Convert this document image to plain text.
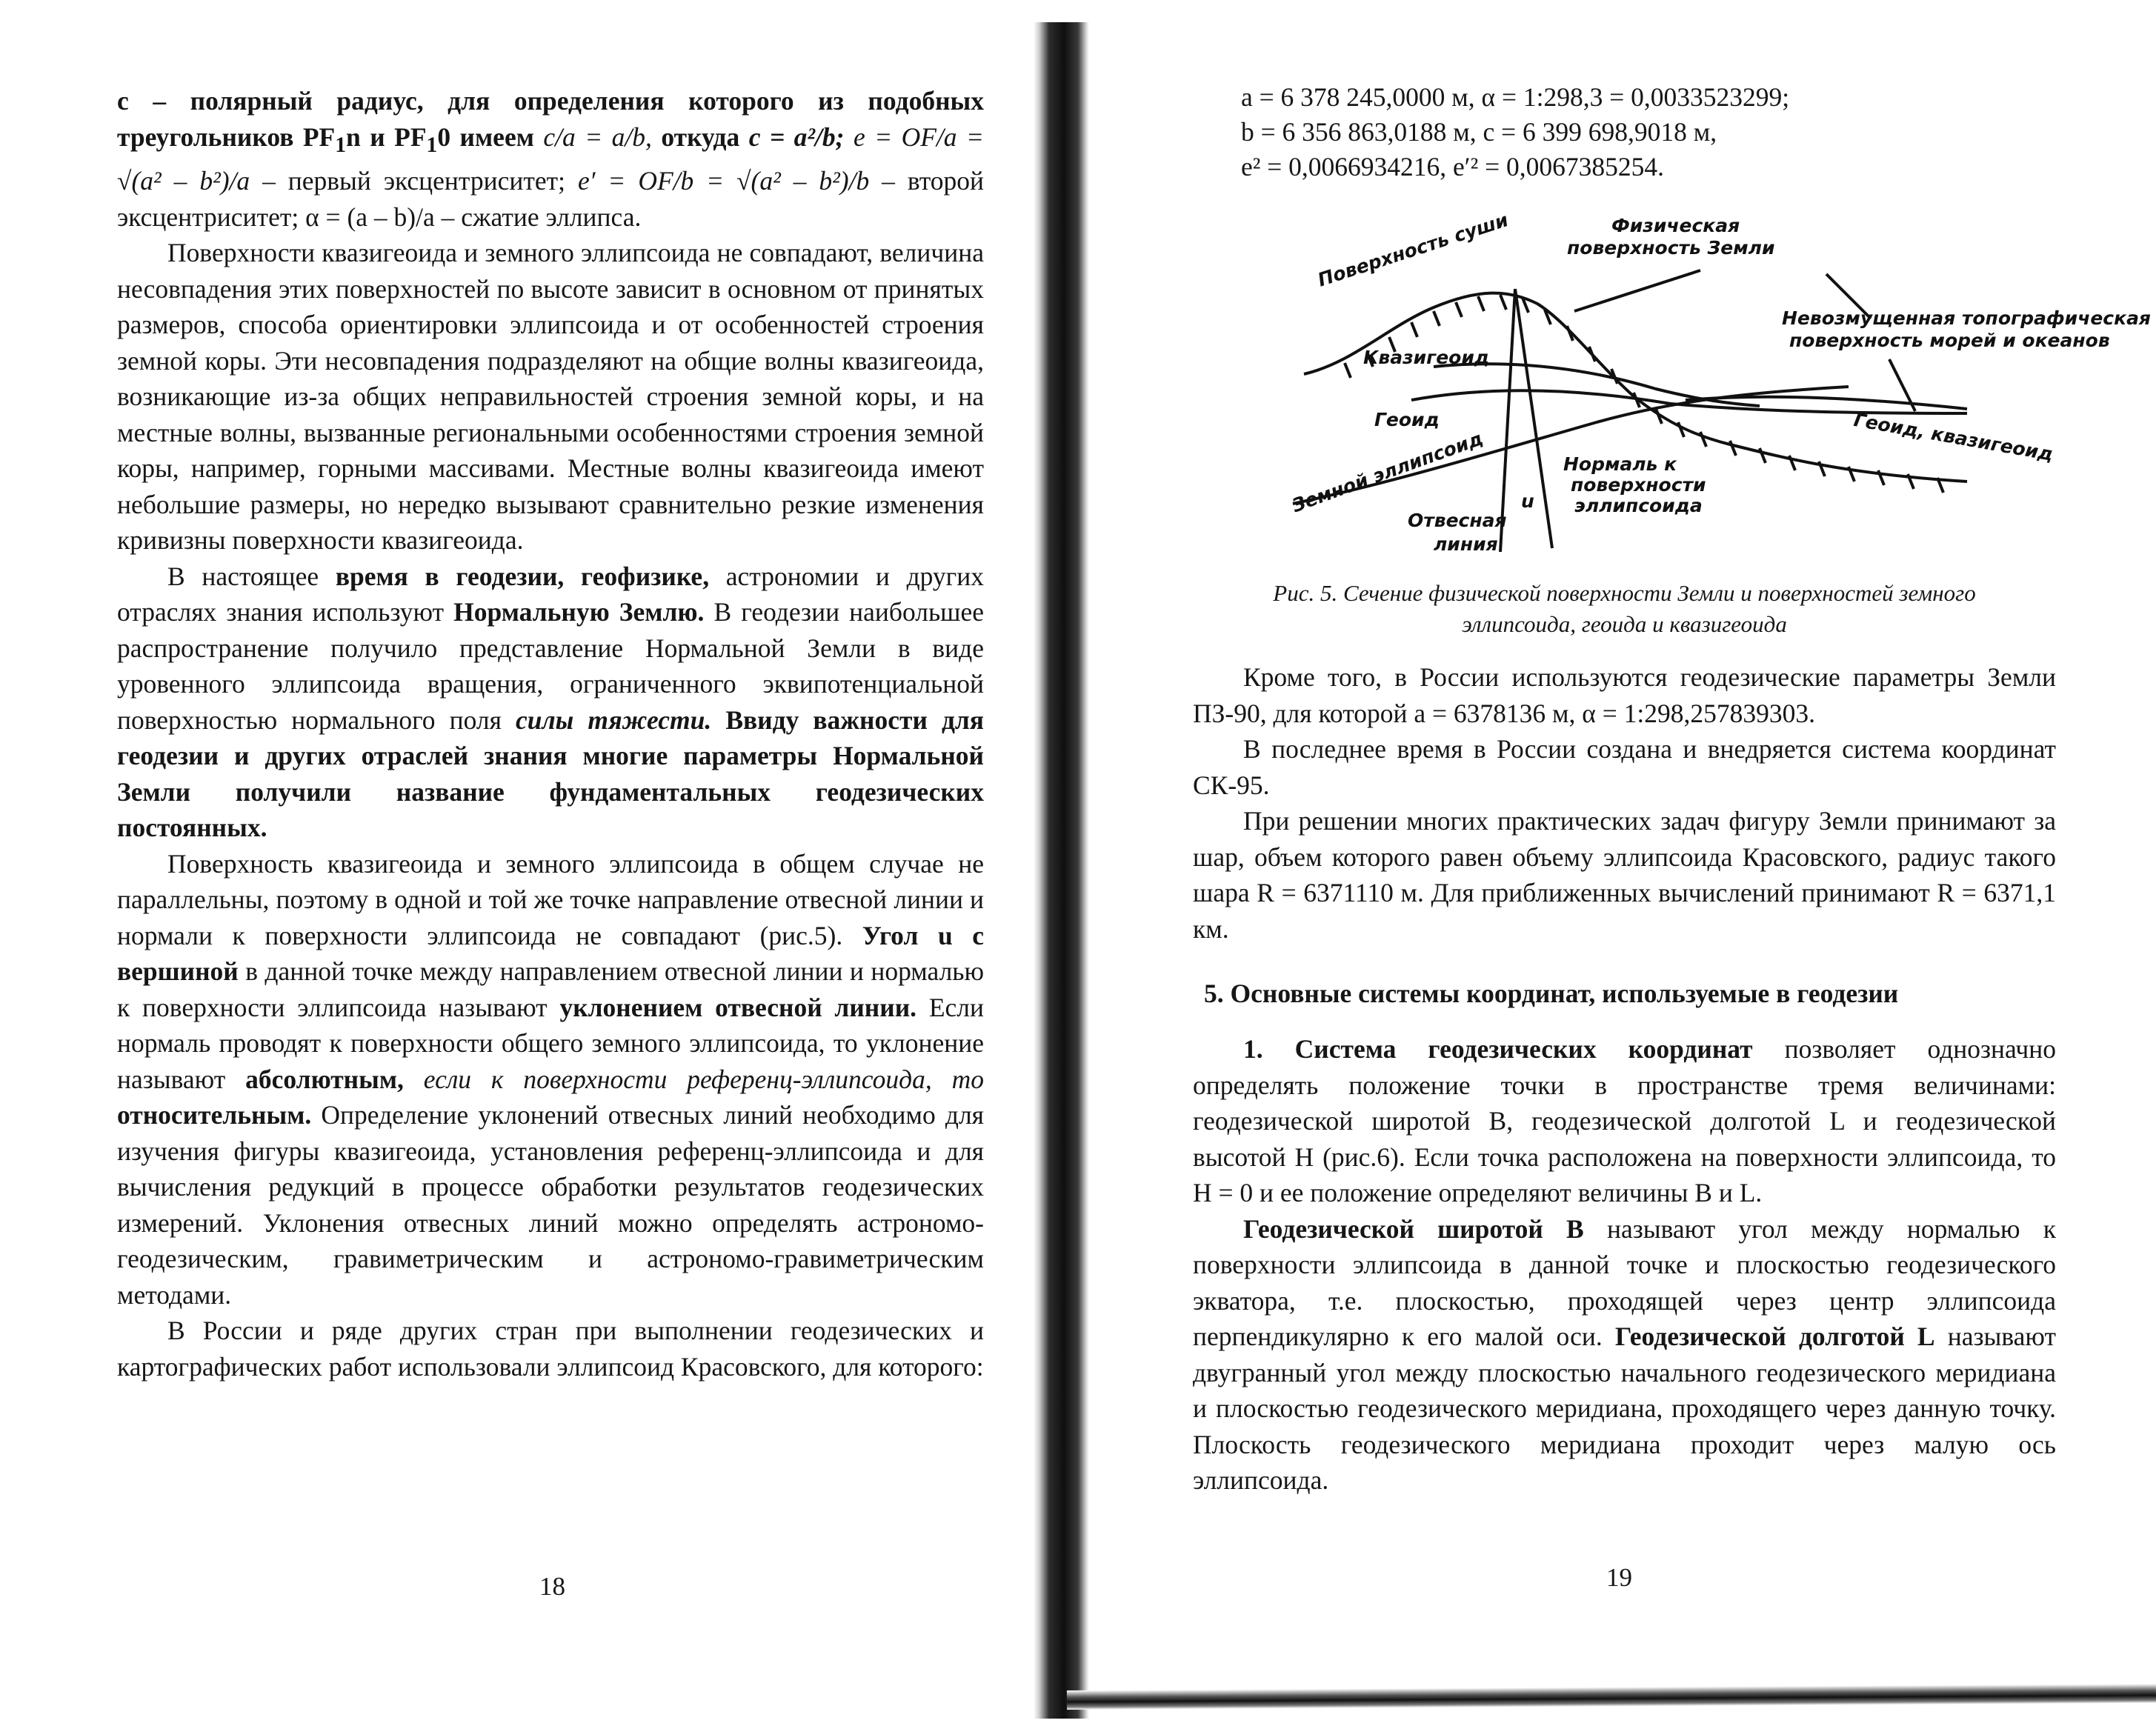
с – полярный радиус, для определения которого из подобных треугольников $PF_1n$ и $PF_10$ имеем c/a = a/b, откуда c = a²/b; e = OF/a = √(a² – b²)/a – первый эксцентриситет; e′ = OF/b = √(a² – b²)/b – второй эксцентриситет; α = (a – b)/a – сжатие эллипса.

Поверхности квазигеоида и земного эллипсоида не совпадают, величина несовпадения этих поверхностей по высоте зависит в основном от принятых размеров, способа ориентировки эллипсоида и от особенностей строения земной коры. Эти несовпадения подразделяют на общие волны квазигеоида, возникающие из-за общих неправильностей строения земной коры, и на местные волны, вызванные региональными особенностями строения земной коры, например, горными массивами. Местные волны квазигеоида имеют небольшие размеры, но нередко вызывают сравнительно резкие изменения кривизны поверхности квазигеоида.

В настоящее время в геодезии, геофизике, астрономии и других отраслях знания используют Нормальную Землю. В геодезии наибольшее распространение получило представление Нормальной Земли в виде уровенного эллипсоида вращения, ограниченного эквипотенциальной поверхностью нормального поля силы тяжести. Ввиду важности для геодезии и других отраслей знания многие параметры Нормальной Земли получили название фундаментальных геодезических постоянных.

Поверхность квазигеоида и земного эллипсоида в общем случае не параллельны, поэтому в одной и той же точке направление отвесной линии и нормали к поверхности эллипсоида не совпадают (рис.5). Угол u с вершиной в данной точке между направлением отвесной линии и нормалью к поверхности эллипсоида называют уклонением отвесной линии. Если нормаль проводят к поверхности общего земного эллипсоида, то уклонение называют абсолютным, если к поверхности референц-эллипсоида, то относительным. Определение уклонений отвесных линий необходимо для изучения фигуры квазигеоида, установления референц-эллипсоида и для вычисления редукций в процессе обработки результатов геодезических измерений. Уклонения отвесных линий можно определять астрономо-геодезическим, гравиметрическим и астрономо-гравиметрическим методами.

В России и ряде других стран при выполнении геодезических и картографических работ использовали эллипсоид Красовского, для которого:

18
a = 6 378 245,0000 м, α = 1:298,3 = 0,0033523299;
b = 6 356 863,0188 м, c = 6 399 698,9018 м,
e² = 0,0066934216, e′² = 0,0067385254.
Физическая
поверхность Земли
Поверхность суши
Невозмущенная топографическая
поверхность морей и океанов
Квазигеоид
Геоид	Геоид, квазигеоид
Земной эллипсоид	Нормаль к
поверхности
эллипсоида
u
Отвесная
линия
Рис. 5. Сечение физической поверхности Земли и поверхностей земного
эллипсоида, геоида и квазигеоида

Кроме того, в России используются геодезические параметры Земли ПЗ-90, для которой a = 6378136 м, α = 1:298,257839303.

В последнее время в России создана и внедряется система координат СК-95.

При решении многих практических задач фигуру Земли принимают за шар, объем которого равен объему эллипсоида Красовского, радиус такого шара R = 6371110 м. Для приближенных вычислений принимают R = 6371,1 км.

5. Основные системы координат, используемые в геодезии

1. Система геодезических координат позволяет однозначно определять положение точки в пространстве тремя величинами: геодезической широтой B, геодезической долготой L и геодезической высотой H (рис.6). Если точка расположена на поверхности эллипсоида, то H = 0 и ее положение определяют величины B и L.

Геодезической широтой B называют угол между нормалью к поверхности эллипсоида в данной точке и плоскостью геодезического экватора, т.е. плоскостью, проходящей через центр эллипсоида перпендикулярно к его малой оси. Геодезической долготой L называют двугранный угол между плоскостью начального геодезического меридиана и плоскостью геодезического меридиана, проходящего через данную точку. Плоскость геодезического меридиана проходит через малую ось эллипсоида.

19
